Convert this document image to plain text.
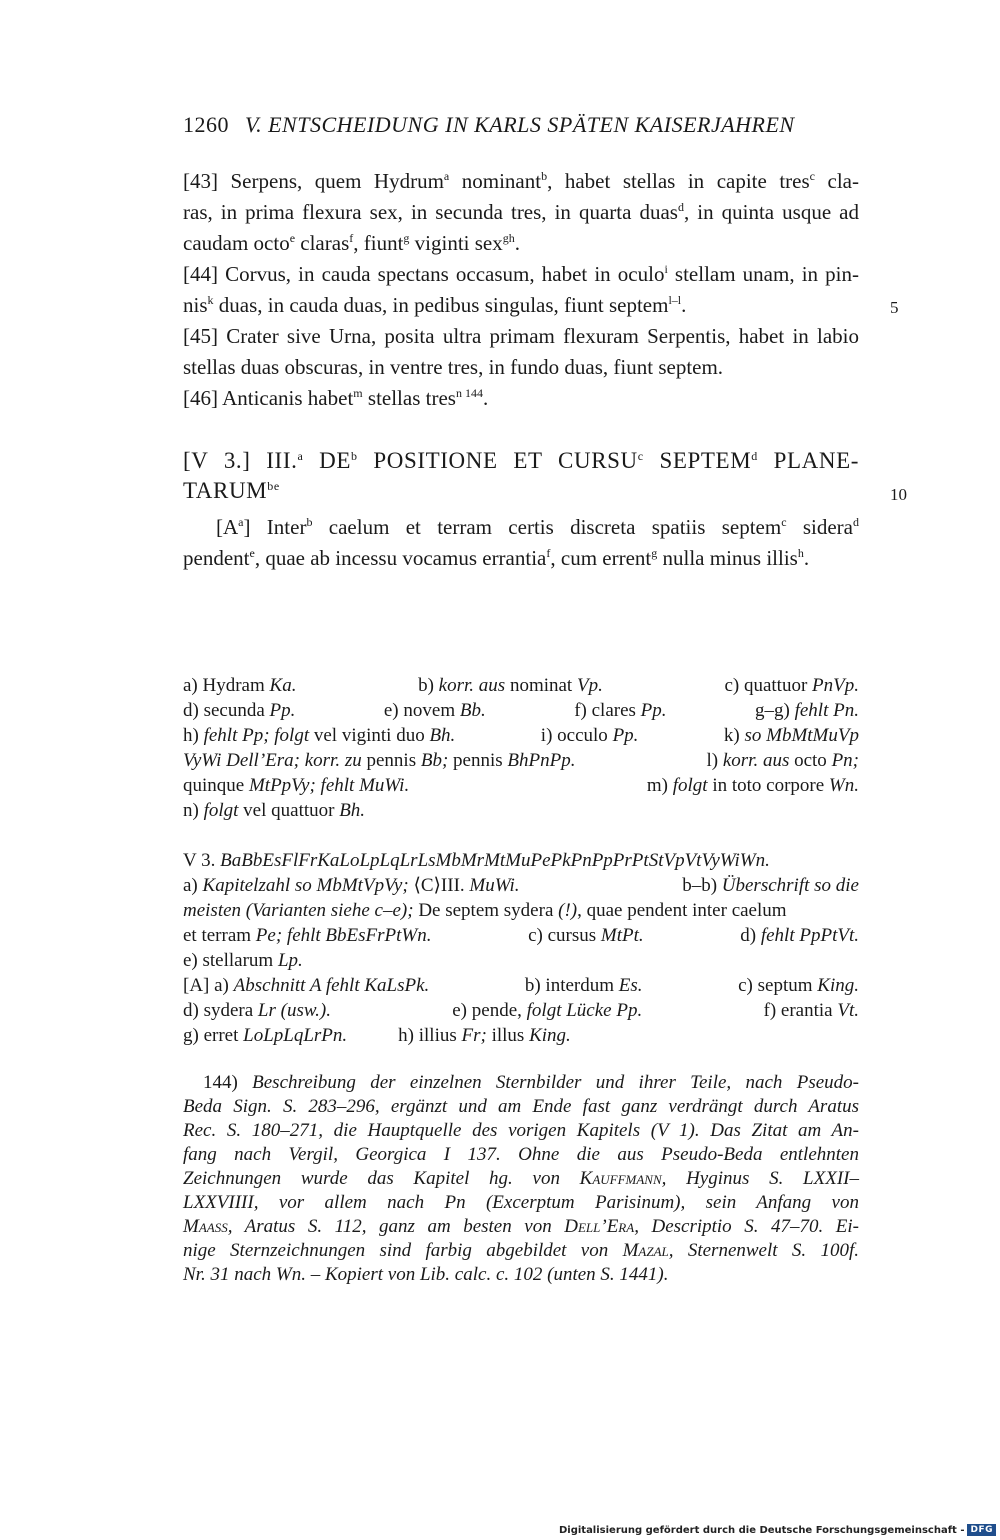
1260 V. ENTSCHEIDUNG IN KARLS SPÄTEN KAISERJAHREN
[43] Serpens, quem Hydrum$^a$ nominant$^b$, habet stellas in capite tres$^c$ cla-
ras, in prima flexura sex, in secunda tres, in quarta duas$^d$, in quinta usque ad
caudam octo$^e$ claras$^f$, fiunt$^g$ viginti sex$^{gh}$.
[44] Corvus, in cauda spectans occasum, habet in oculo$^i$ stellam unam, in pin-
nis$^k$ duas, in cauda duas, in pedibus singulas, fiunt septem$^{l-l}$.
[45] Crater sive Urna, posita ultra primam flexuram Serpentis, habet in labio
stellas duas obscuras, in ventre tres, in fundo duas, fiunt septem.
[46] Anticanis habet$^m$ stellas tres$^{n 144}$.
5
[V 3.] III.$^a$ $DE^b$ POSITIONE ET CURSU$^c$ SEPTEM$^d$ PLANE-
$TARUM^{be}$	10
$[A^a]$ Inter$^b$ caelum et terram certis discreta spatiis septem$^c$ sidera$^d$
pendent$^e$, quae ab incessu vocamus errantia$^f$, cum errent$^g$ nulla minus illis$^h$.
a) Hydram Ka.	b) korr. aus nominat Vp.	c) quattuor PnVp.
d) secunda Pp.	e) novem Bb.	f) clares Pp.	g–g) fehlt Pn.
h) fehlt Pp; folgt vel viginti duo Bh.	i) occulo Pp.	k) so MbMtMuVp
VyWi Dell’Era; korr. zu pennis Bb; pennis BhPnPp.	l) korr. aus octo Pn;
quinque MtPpVy; fehlt MuWi.	m) folgt in toto corpore Wn.
n) folgt vel quattuor Bh.
V 3. BaBbEsFlFrKaLoLpLqLrLsMbMrMtMuPePkPnPpPrPtStVpVtVyWiWn.
a) Kapitelzahl so MbMtVpVy; ⟨C⟩III. MuWi.	b–b) Überschrift so die
meisten (Varianten siehe c–e); De septem sydera (!), quae pendent inter caelum
et terram Pe; fehlt BbEsFrPtWn.	c) cursus MtPt.	d) fehlt PpPtVt.
e) stellarum Lp.
[A] a) Abschnitt A fehlt KaLsPk.	b) interdum Es.	c) septum King.
d) sydera Lr (usw.).	e) pende, folgt Lücke Pp.	f) erantia Vt.
g) erret LoLpLqLrPn.	h) illius Fr; illus King.
144) Beschreibung der einzelnen Sternbilder und ihrer Teile, nach Pseudo-
Beda Sign. S. 283–296, ergänzt und am Ende fast ganz verdrängt durch Aratus
Rec. S. 180–271, die Hauptquelle des vorigen Kapitels (V 1). Das Zitat am An-
fang nach Vergil, Georgica I 137. Ohne die aus Pseudo-Beda entlehnten
Zeichnungen wurde das Kapitel hg. von Kauffmann, Hyginus S. LXXII–
LXXVIIII, vor allem nach Pn (Excerptum Parisinum), sein Anfang von
Maass, Aratus S. 112, ganz am besten von Dell’Era, Descriptio S. 47–70. Ei-
nige Sternzeichnungen sind farbig abgebildet von Mazal, Sternenwelt S. 100f.
Nr. 31 nach Wn. – Kopiert von Lib. calc. c. 102 (unten S. 1441).
Digitalisierung gefördert durch die Deutsche Forschungsgemeinschaft - DFG
